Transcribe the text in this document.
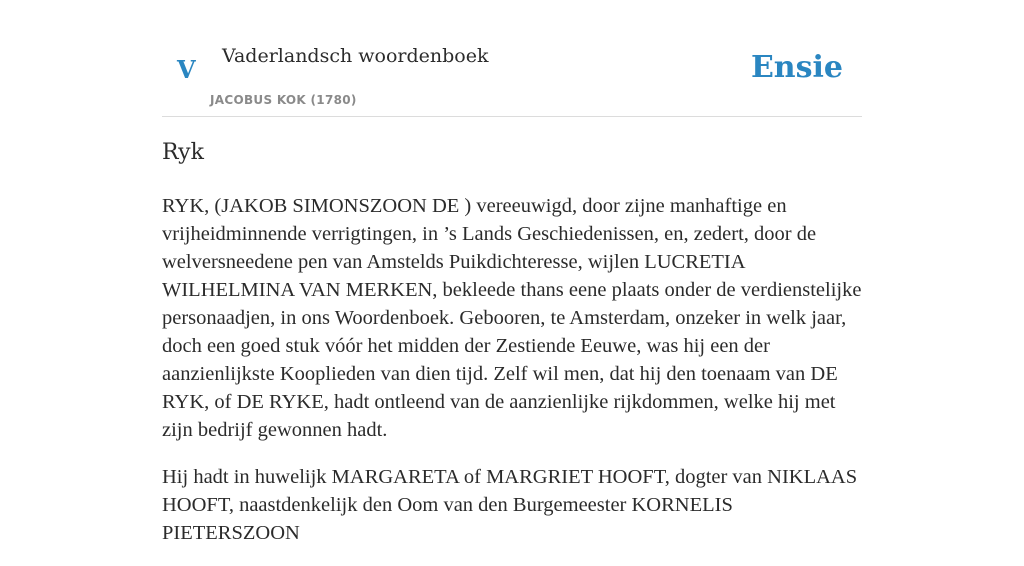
V Vaderlandsch woordenboek
JACOBUS KOK (1780)
Ensie
Ryk

RYK, (JAKOB SIMONSZOON DE ) vereeuwigd, door zijne manhaftige en vrijheidminnende verrigtingen, in ’s Lands Geschiedenissen, en, zedert, door de welversneedene pen van Amstelds Puikdichteresse, wijlen LUCRETIA WILHELMINA VAN MERKEN, bekleede thans eene plaats onder de verdienstelijke personaadjen, in ons Woordenboek. Gebooren, te Amsterdam, onzeker in welk jaar, doch een goed stuk vóór het midden der Zestiende Eeuwe, was hij een der aanzienlijkste Kooplieden van dien tijd. Zelf wil men, dat hij den toenaam van DE RYK, of DE RYKE, hadt ontleend van de aanzienlijke rijkdommen, welke hij met zijn bedrijf gewonnen hadt.

Hij hadt in huwelijk MARGARETA of MARGRIET HOOFT, dogter van NIKLAAS HOOFT, naastdenkelijk den Oom van den Burgemeester KORNELIS PIETERSZOON
